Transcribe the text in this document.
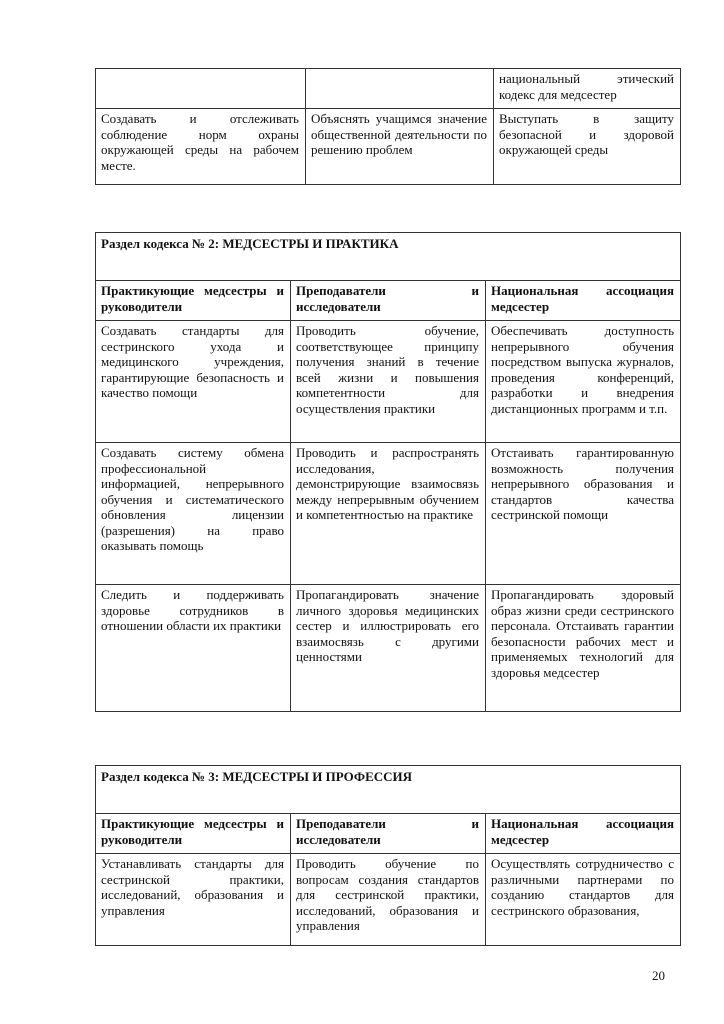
		национальный этический кодекс для медсестер
Создавать и отслеживать соблюдение норм охраны окружающей среды на рабочем месте.	Объяснять учащимся значение общественной деятельности по решению проблем	Выступать в защиту безопасной и здоровой окружающей среды
Раздел кодекса № 2: МЕДСЕСТРЫ И ПРАКТИКА		
Практикующие медсестры и руководители	Преподаватели и исследователи	Национальная ассоциация медсестер
Создавать стандарты для сестринского ухода и медицинского учреждения, гарантирующие безопасность и качество помощи	Проводить обучение, соответствующее принципу получения знаний в течение всей жизни и повышения компетентности для осуществления практики	Обеспечивать доступность непрерывного обучения посредством выпуска журналов, проведения конференций, разработки и внедрения дистанционных программ и т.п.
Создавать систему обмена профессиональной информацией, непрерывного обучения и систематического обновления лицензии (разрешения) на право оказывать помощь	Проводить и распространять исследования, демонстрирующие взаимосвязь между непрерывным обучением и компетентностью на практике	Отстаивать гарантированную возможность получения непрерывного образования и стандартов качества сестринской помощи
Следить и поддерживать здоровье сотрудников в отношении области их практики	Пропагандировать значение личного здоровья медицинских сестер и иллюстрировать его взаимосвязь с другими ценностями	Пропагандировать здоровый образ жизни среди сестринского персонала. Отстаивать гарантии безопасности рабочих мест и применяемых технологий для здоровья медсестер
Раздел кодекса № 3: МЕДСЕСТРЫ И ПРОФЕССИЯ		
Практикующие медсестры и руководители	Преподаватели и исследователи	Национальная ассоциация медсестер
Устанавливать стандарты для сестринской практики, исследований, образования и управления	Проводить обучение по вопросам создания стандартов для сестринской практики, исследований, образования и управления	Осуществлять сотрудничество с различными партнерами по созданию стандартов для сестринского образования,
20
